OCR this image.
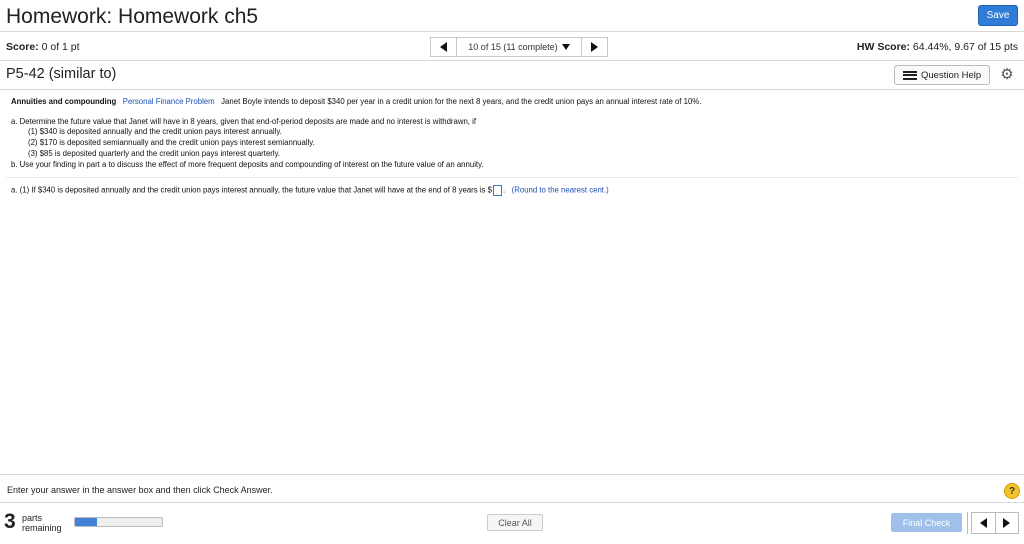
Homework: Homework ch5	Save
Score: 0 of 1 pt	10 of 15 (11 complete)	HW Score: 64.44%, 9.67 of 15 pts
P5-42 (similar to)	Question Help ⚙
Annuities and compounding Personal Finance Problem Janet Boyle intends to deposit $340 per year in a credit union for the next 8 years, and the credit union pays an annual interest rate of 10%.
a. Determine the future value that Janet will have in 8 years, given that end-of-period deposits are made and no interest is withdrawn, if
(1) $340 is deposited annually and the credit union pays interest annually.
(2) $170 is deposited semiannually and the credit union pays interest semiannually.
(3) $85 is deposited quarterly and the credit union pays interest quarterly.
b. Use your finding in part a to discuss the effect of more frequent deposits and compounding of interest on the future value of an annuity.
a. (1) If $340 is deposited annually and the credit union pays interest annually, the future value that Janet will have at the end of 8 years is $ . (Round to the nearest cent.)
Enter your answer in the answer box and then click Check Answer.	?
3 parts
remaining
Clear All	Final Check
